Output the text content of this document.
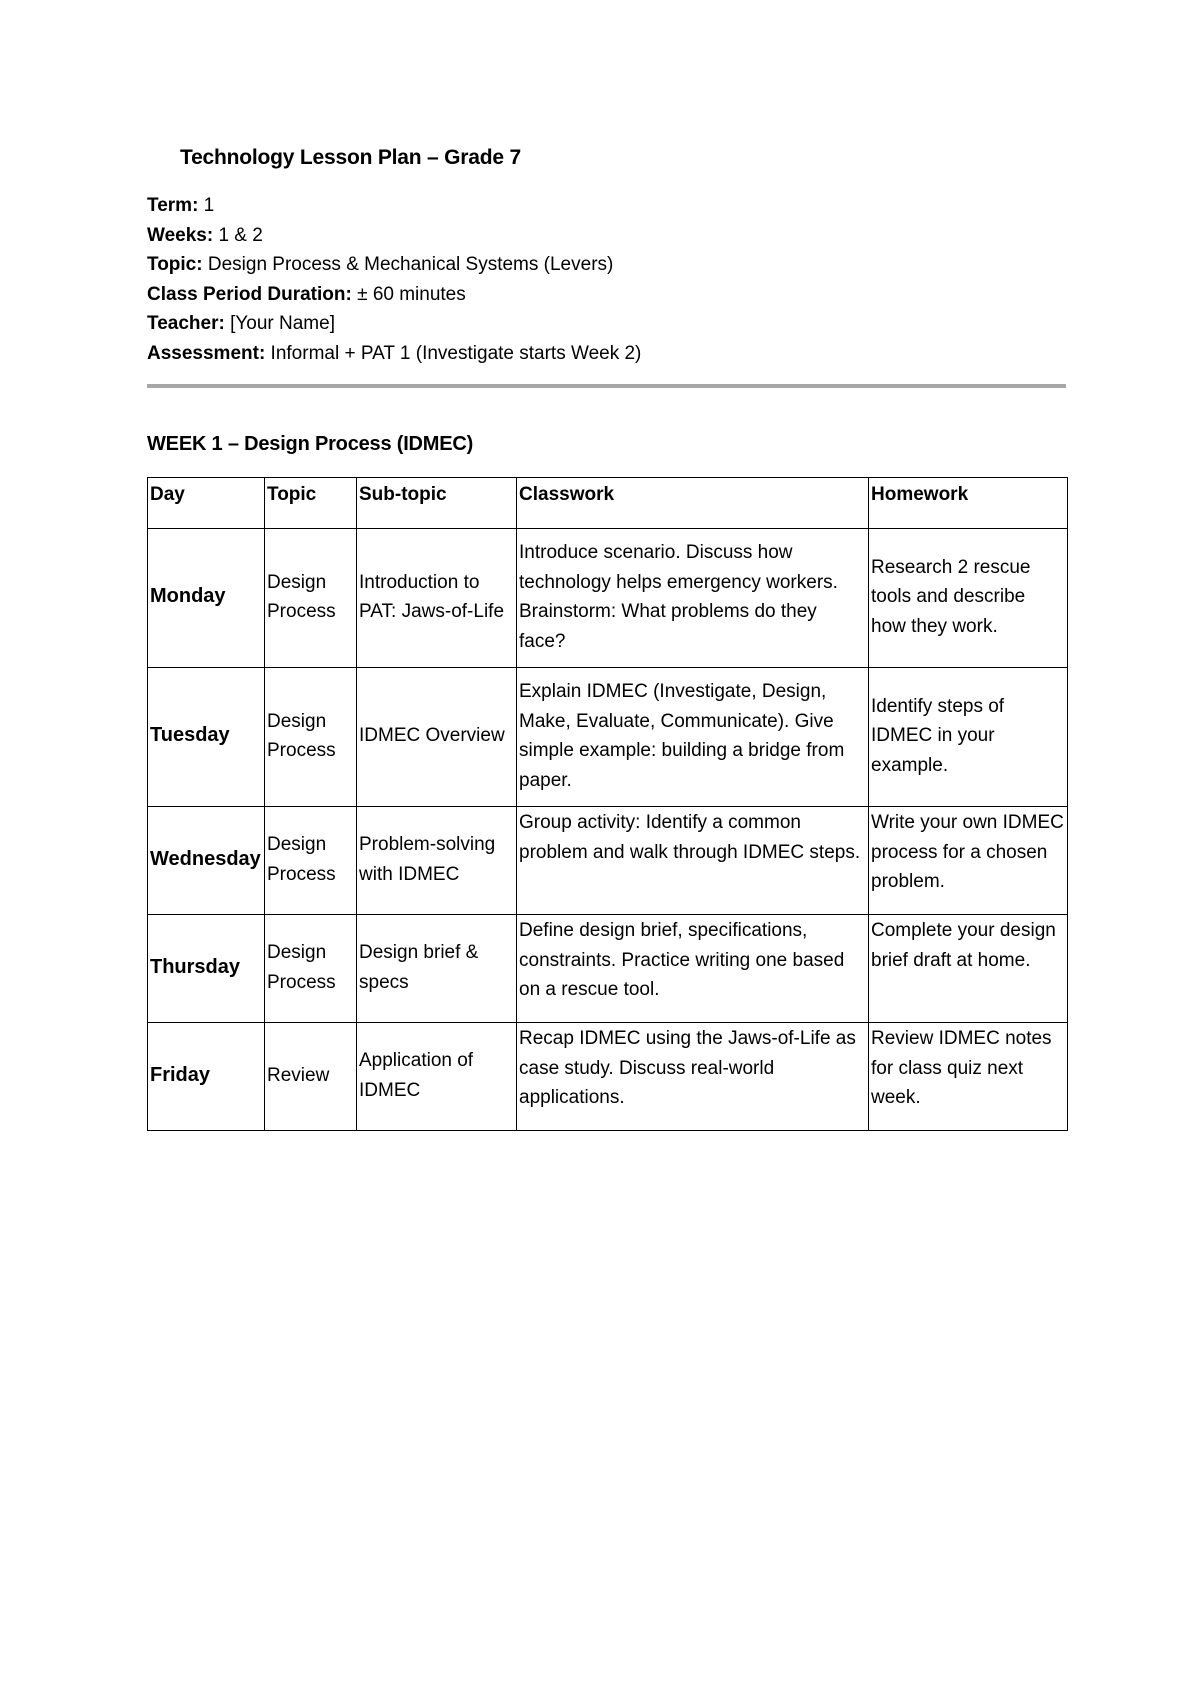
Technology Lesson Plan – Grade 7
Term: 1
Weeks: 1 & 2
Topic: Design Process & Mechanical Systems (Levers)
Class Period Duration: ± 60 minutes
Teacher: [Your Name]
Assessment: Informal + PAT 1 (Investigate starts Week 2)
WEEK 1 – Design Process (IDMEC)
Day	Topic	Sub-topic	Classwork	Homework
Monday	Design Process	Introduction to PAT: Jaws-of-Life	Introduce scenario. Discuss how technology helps emergency workers. Brainstorm: What problems do they face?	Research 2 rescue tools and describe how they work.
Tuesday	Design Process	IDMEC Overview	Explain IDMEC (Investigate, Design, Make, Evaluate, Communicate). Give simple example: building a bridge from paper.	Identify steps of IDMEC in your example.
Wednesday	Design Process	Problem-solving with IDMEC	Group activity: Identify a common problem and walk through IDMEC steps.	Write your own IDMEC process for a chosen problem.
Thursday	Design Process	Design brief & specs	Define design brief, specifications, constraints. Practice writing one based on a rescue tool.	Complete your design brief draft at home.
Friday	Review	Application of IDMEC	Recap IDMEC using the Jaws-of-Life as case study. Discuss real-world applications.	Review IDMEC notes for class quiz next week.
